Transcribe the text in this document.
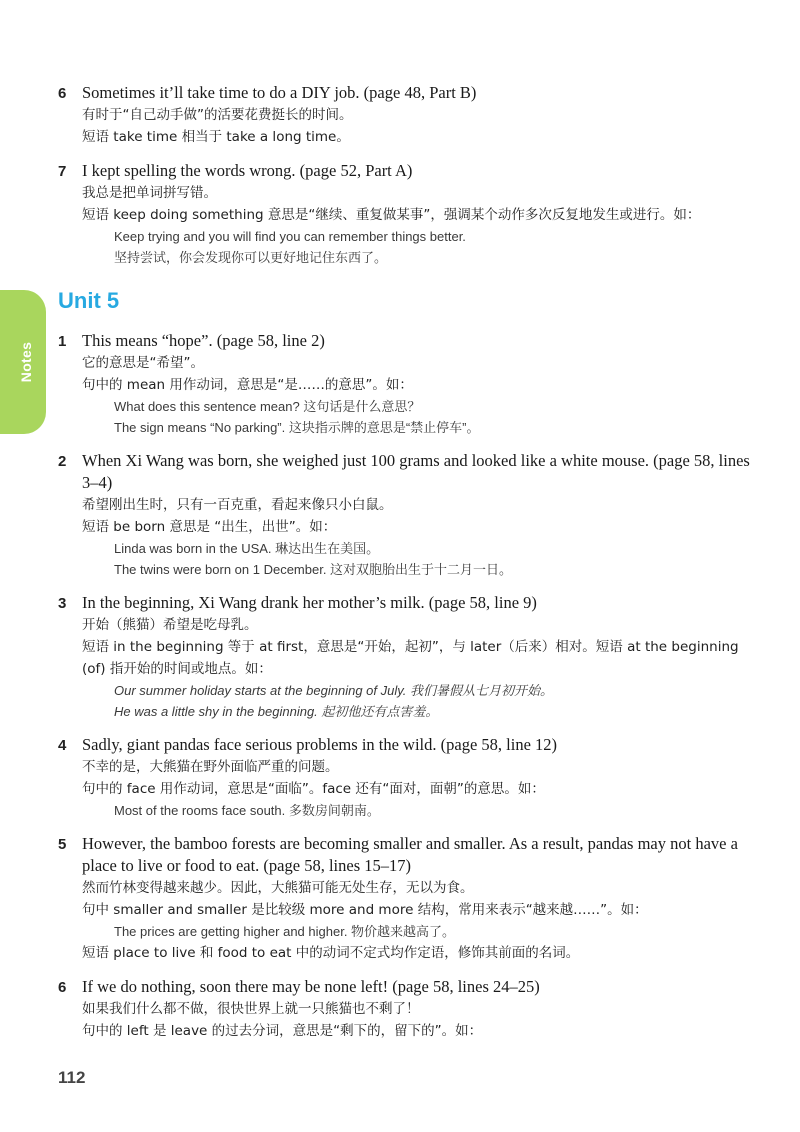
Notes
6 Sometimes it’ll take time to do a DIY job. (page 48, Part B)
有时于“自己动手做”的活要花费挺长的时间。
短语 take time 相当于 take a long time。
7 I kept spelling the words wrong. (page 52, Part A)
我总是把单词拼写错。
短语 keep doing something 意思是“继续、重复做某事”，强调某个动作多次反复地发生或进行。如：
Keep trying and you will find you can remember things better.
坚持尝试，你会发现你可以更好地记住东西了。
Unit 5
1 This means “hope”. (page 58, line 2)
它的意思是“希望”。
句中的 mean 用作动词，意思是“是……的意思”。如：
What does this sentence mean? 这句话是什么意思？
The sign means “No parking”. 这块指示牌的意思是“禁止停车”。
2 When Xi Wang was born, she weighed just 100 grams and looked like a white mouse. (page 58, lines 3–4)
希望刚出生时，只有一百克重，看起来像只小白鼠。
短语 be born 意思是 “出生，出世”。如：
Linda was born in the USA. 琳达出生在美国。
The twins were born on 1 December. 这对双胞胎出生于十二月一日。
3 In the beginning, Xi Wang drank her mother’s milk. (page 58, line 9)
开始（熊猫）希望是吃母乳。
短语 in the beginning 等于 at first，意思是“开始，起初”，与 later（后来）相对。短语 at the beginning (of) 指开始的时间或地点。如：
Our summer holiday starts at the beginning of July. 我们暑假从七月初开始。
He was a little shy in the beginning. 起初他还有点害羞。
4 Sadly, giant pandas face serious problems in the wild. (page 58, line 12)
不幸的是，大熊猫在野外面临严重的问题。
句中的 face 用作动词，意思是“面临”。face 还有“面对，面朝”的意思。如：
Most of the rooms face south. 多数房间朝南。
5 However, the bamboo forests are becoming smaller and smaller. As a result, pandas may not have a place to live or food to eat. (page 58, lines 15–17)
然而竹林变得越来越少。因此，大熊猫可能无处生存，无以为食。
句中 smaller and smaller 是比较级 more and more 结构，常用来表示“越来越……”。如：
The prices are getting higher and higher. 物价越来越高了。
短语 place to live 和 food to eat 中的动词不定式均作定语，修饰其前面的名词。
6 If we do nothing, soon there may be none left! (page 58, lines 24–25)
如果我们什么都不做，很快世界上就一只熊猫也不剩了！
句中的 left 是 leave 的过去分词，意思是“剩下的，留下的”。如：
112
